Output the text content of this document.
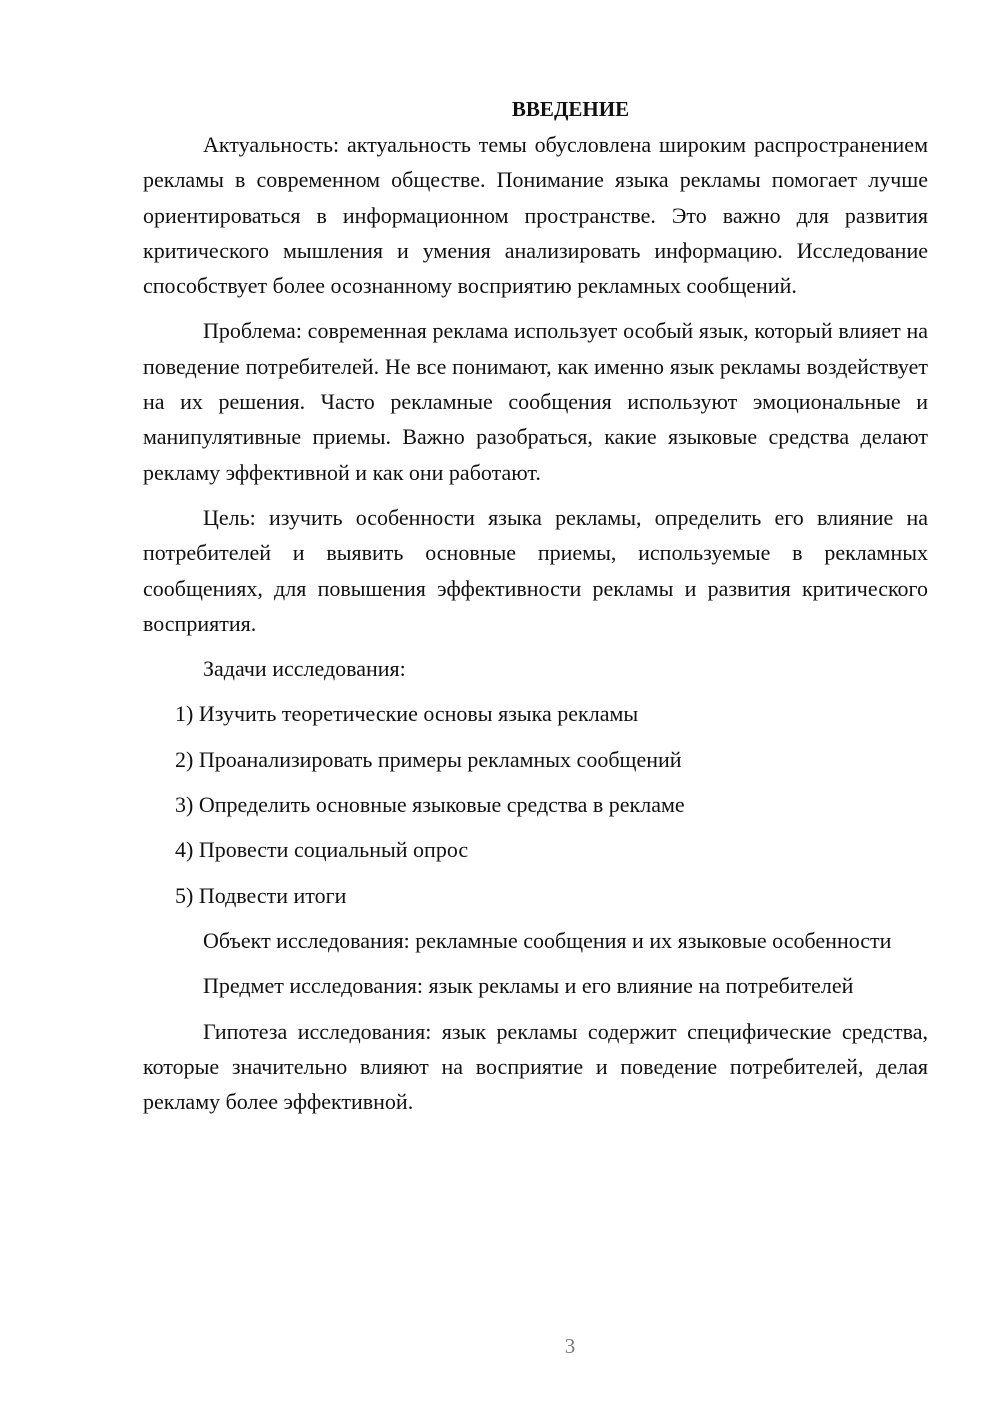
ВВЕДЕНИЕ

Актуальность: актуальность темы обусловлена широким распространением рекламы в современном обществе. Понимание языка рекламы помогает лучше ориентироваться в информационном пространстве. Это важно для развития критического мышления и умения анализировать информацию. Исследование способствует более осознанному восприятию рекламных сообщений.

Проблема: современная реклама использует особый язык, который влияет на поведение потребителей. Не все понимают, как именно язык рекламы воздействует на их решения. Часто рекламные сообщения используют эмоциональные и манипулятивные приемы. Важно разобраться, какие языковые средства делают рекламу эффективной и как они работают.

Цель: изучить особенности языка рекламы, определить его влияние на потребителей и выявить основные приемы, используемые в рекламных сообщениях, для повышения эффективности рекламы и развития критического восприятия.

Задачи исследования:

1) Изучить теоретические основы языка рекламы
2) Проанализировать примеры рекламных сообщений
3) Определить основные языковые средства в рекламе
4) Провести социальный опрос
5) Подвести итоги

Объект исследования: рекламные сообщения и их языковые особенности

Предмет исследования: язык рекламы и его влияние на потребителей

Гипотеза исследования: язык рекламы содержит специфические средства, которые значительно влияют на восприятие и поведение потребителей, делая рекламу более эффективной.

3
